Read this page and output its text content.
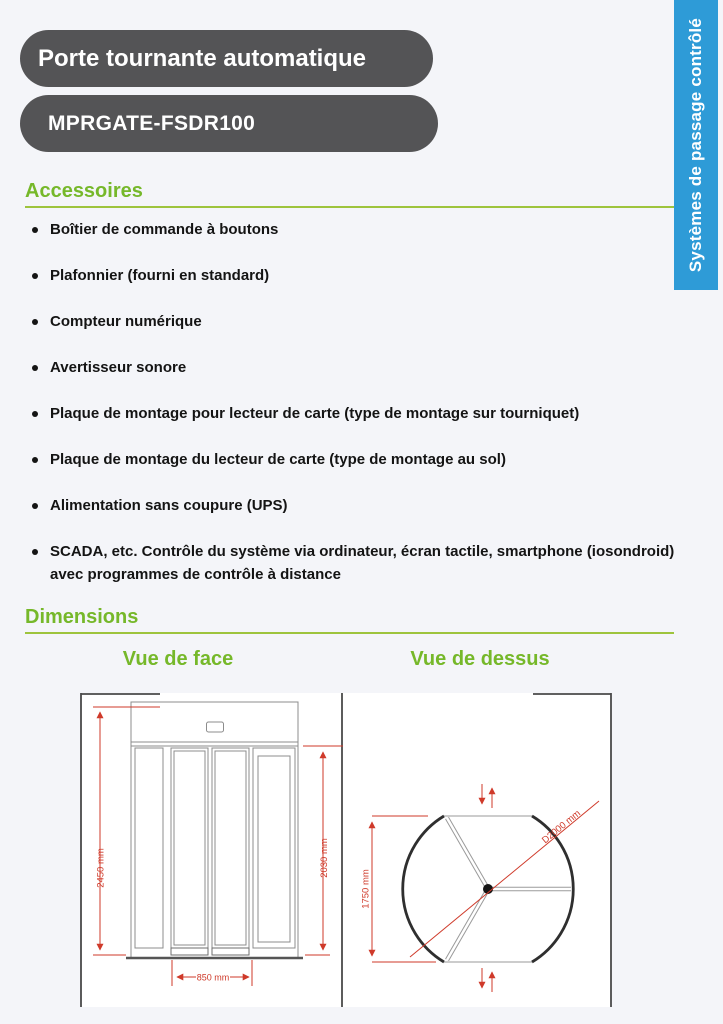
Porte tournante automatique
MPRGATE-FSDR100	Systèmes de passage contrôlé
Accessoires
Boîtier de commande à boutons
Plafonnier (fourni en standard)
Compteur numérique
Avertisseur sonore
Plaque de montage pour lecteur de carte (type de montage sur tourniquet)
Plaque de montage du lecteur de carte (type de montage au sol)
Alimentation sans coupure (UPS)
SCADA, etc. Contrôle du système via ordinateur, écran tactile, smartphone (iosondroid) avec programmes de contrôle à distance
Dimensions
Vue de face	Vue de dessus
2450 mm	2030 mm
850 mm
1750 mm
D2000 mm
